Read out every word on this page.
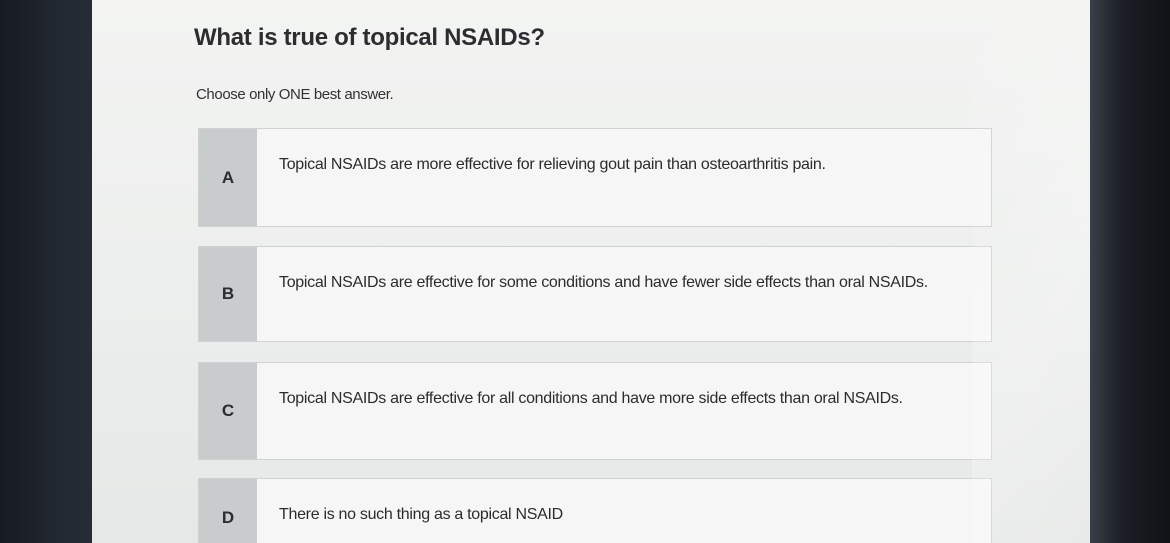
What is true of topical NSAIDs?

Choose only ONE best answer.

A
Topical NSAIDs are more effective for relieving gout pain than osteoarthritis pain.
B
Topical NSAIDs are effective for some conditions and have fewer side effects than oral NSAIDs.
C
Topical NSAIDs are effective for all conditions and have more side effects than oral NSAIDs.
D	There is no such thing as a topical NSAID
